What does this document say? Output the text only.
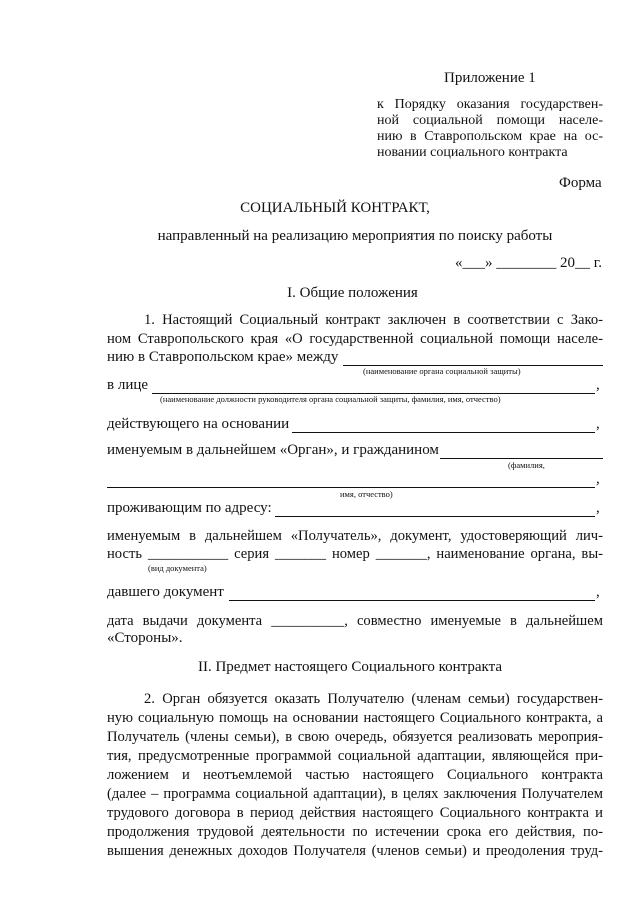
Приложение 1
к Порядку оказания государствен-
ной социальной помощи населе-
нию в Ставропольском крае на ос-
новании социального контракта
Форма
СОЦИАЛЬНЫЙ КОНТРАКТ,
направленный на реализацию мероприятия по поиску работы
«___» ________ 20__ г.
I. Общие положения
1. Настоящий Социальный контракт заключен в соответствии с Зако-
ном Ставропольского края «О государственной социальной помощи населе-
нию в Ставропольском крае» между
(наименование органа социальной защиты)
в лице	,
(наименование должности руководителя органа социальной защиты, фамилия, имя, отчество)
действующего на основании	,
именуемым в дальнейшем «Орган», и гражданином
(фамилия,
,
имя, отчество)
проживающим по адресу:	,
именуемым в дальнейшем «Получатель», документ, удостоверяющий лич-
ность ___________ серия _______ номер _______, наименование органа, вы-
(вид документа)
давшего документ	,
дата выдачи документа __________, совместно именуемые в дальнейшем
«Стороны».
II. Предмет настоящего Социального контракта
2. Орган обязуется оказать Получателю (членам семьи) государствен-
ную социальную помощь на основании настоящего Социального контракта, а
Получатель (члены семьи), в свою очередь, обязуется реализовать мероприя-
тия, предусмотренные программой социальной адаптации, являющейся при-
ложением и неотъемлемой частью настоящего Социального контракта
(далее – программа социальной адаптации), в целях заключения Получателем
трудового договора в период действия настоящего Социального контракта и
продолжения трудовой деятельности по истечении срока его действия, по-
вышения денежных доходов Получателя (членов семьи) и преодоления труд-
